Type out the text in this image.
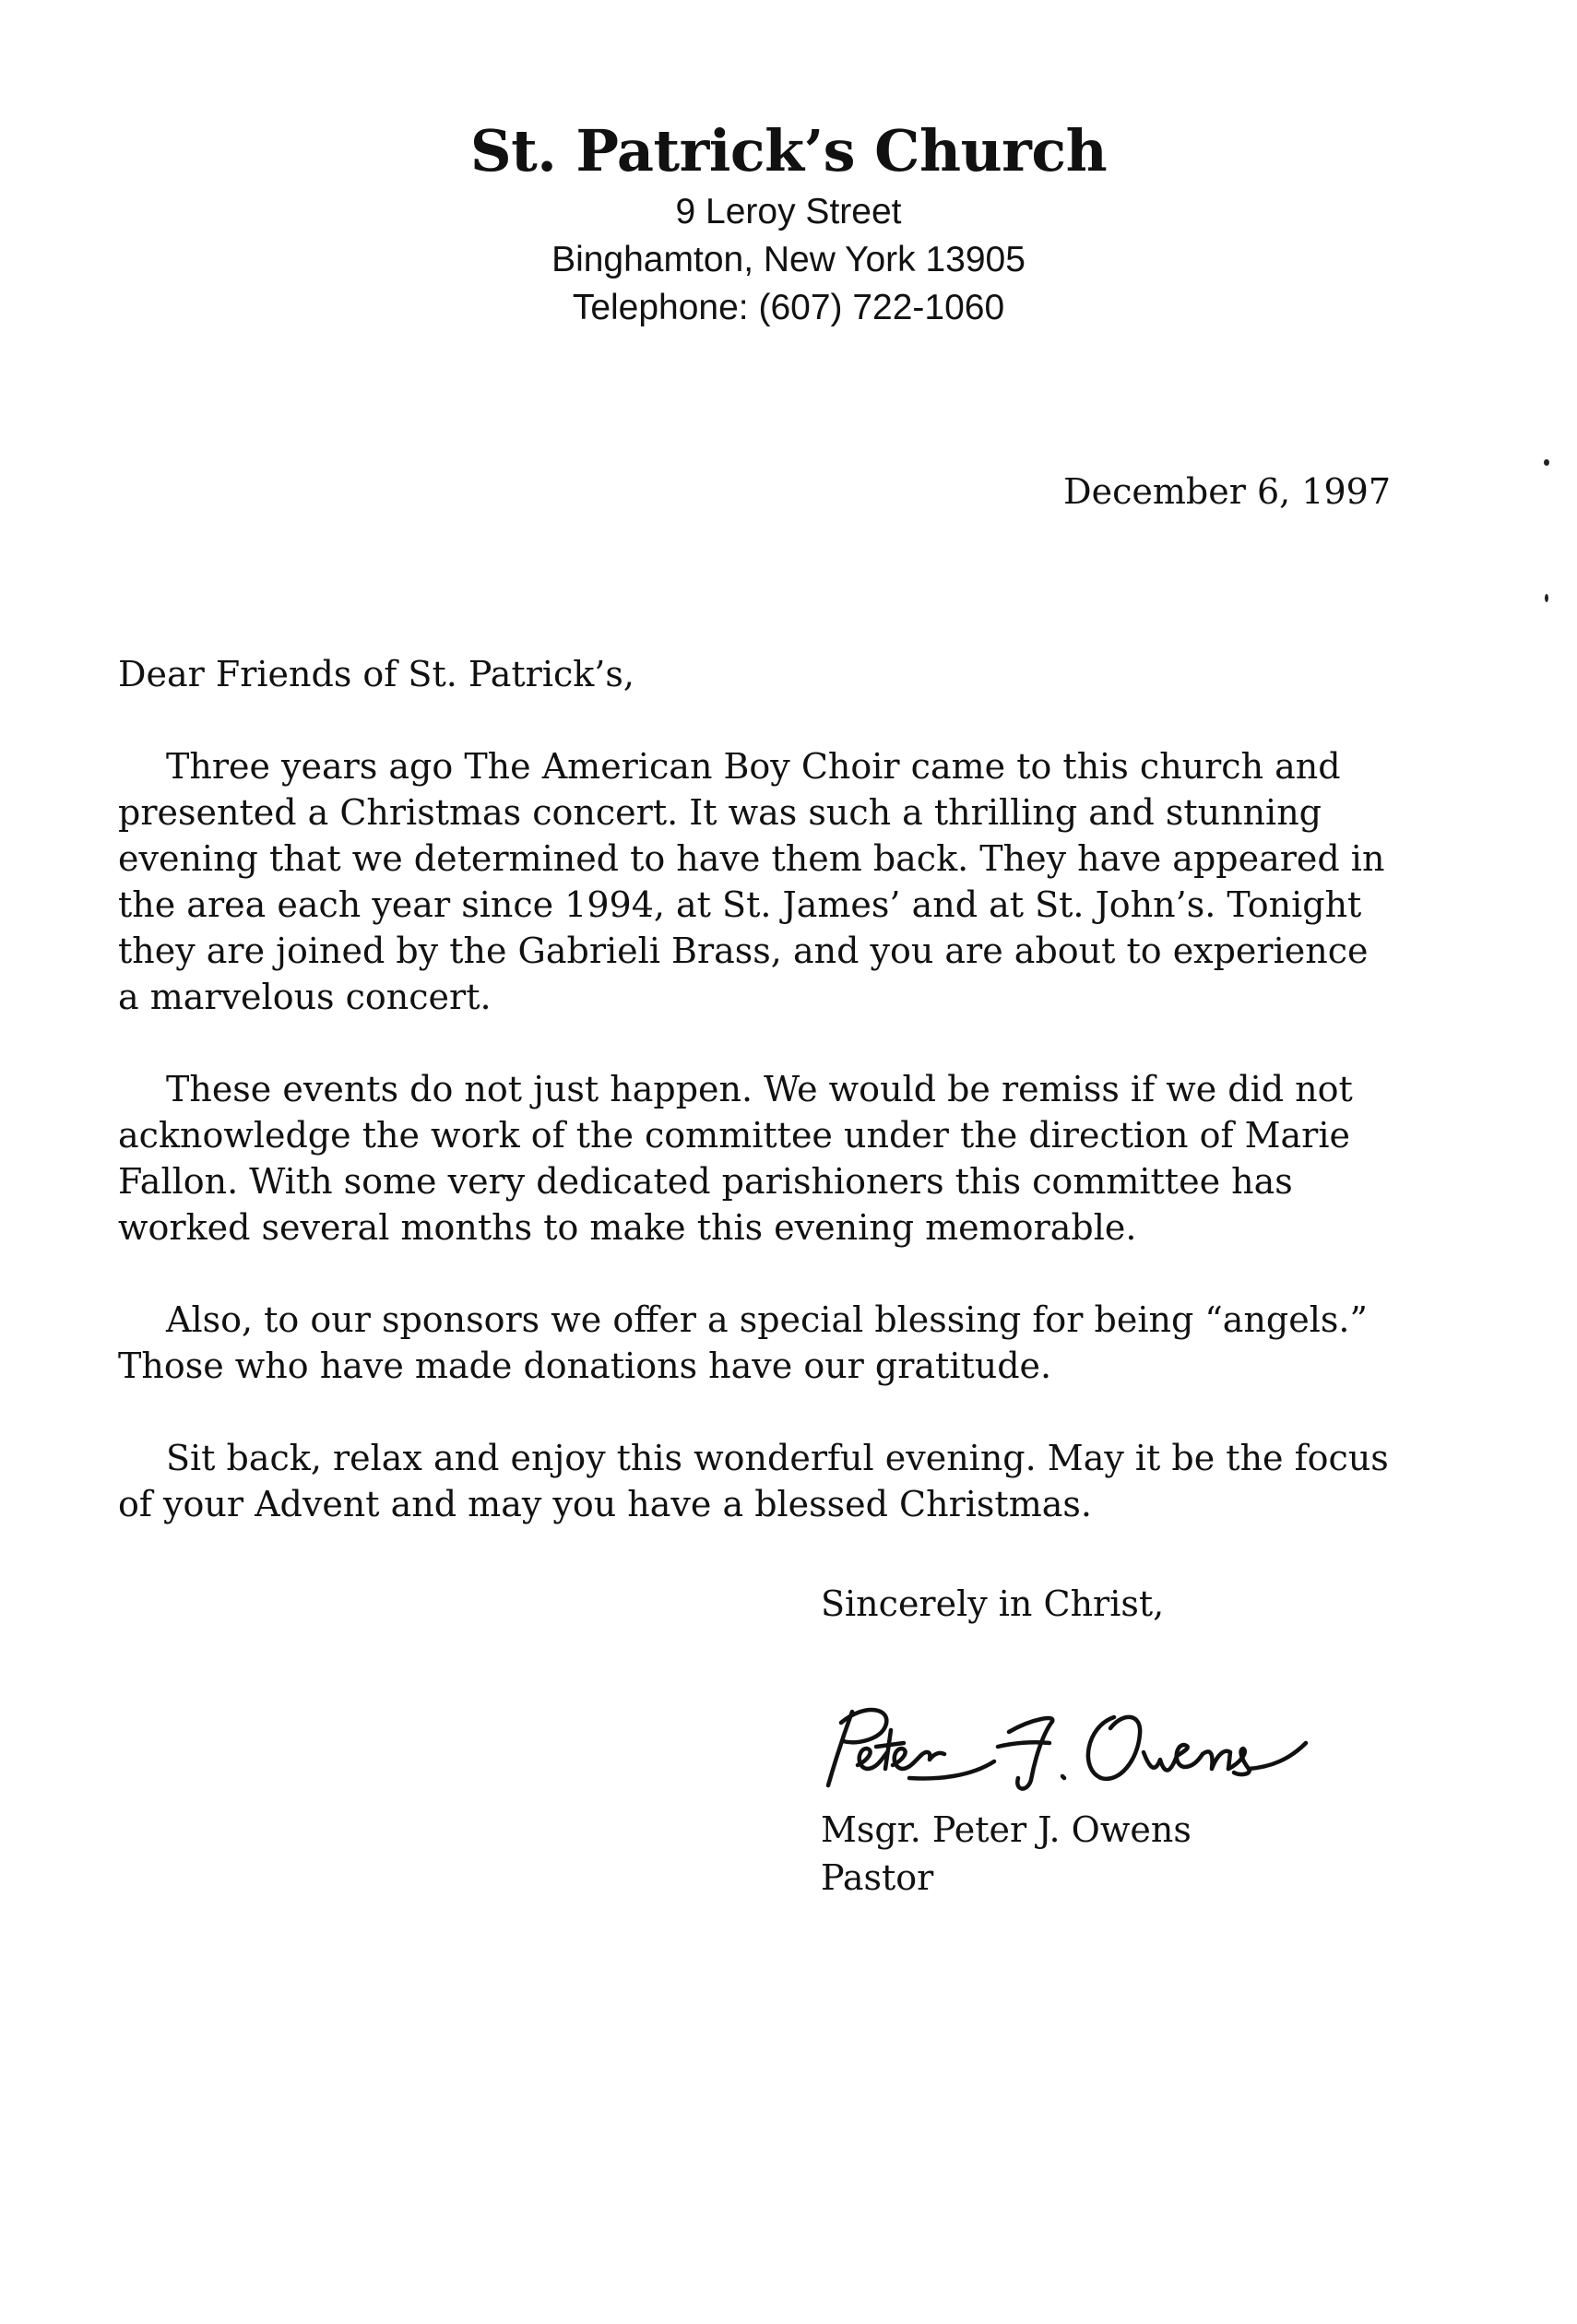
St. Patrick’s Church

9 Leroy Street

Binghamton, New York 13905

Telephone: (607) 722-1060

December 6, 1997

Dear Friends of St. Patrick’s,

Three years ago The American Boy Choir came to this church and presented a Christmas concert. It was such a thrilling and stunning evening that we determined to have them back. They have appeared in the area each year since 1994, at St. James’ and at St. John’s. Tonight they are joined by the Gabrieli Brass, and you are about to experience a marvelous concert.

These events do not just happen. We would be remiss if we did not acknowledge the work of the committee under the direction of Marie Fallon. With some very dedicated parishioners this committee has worked several months to make this evening memorable.

Also, to our sponsors we offer a special blessing for being “angels.” Those who have made donations have our gratitude.

Sit back, relax and enjoy this wonderful evening. May it be the focus of your Advent and may you have a blessed Christmas.

Sincerely in Christ,
Msgr. Peter J. Owens
Pastor
